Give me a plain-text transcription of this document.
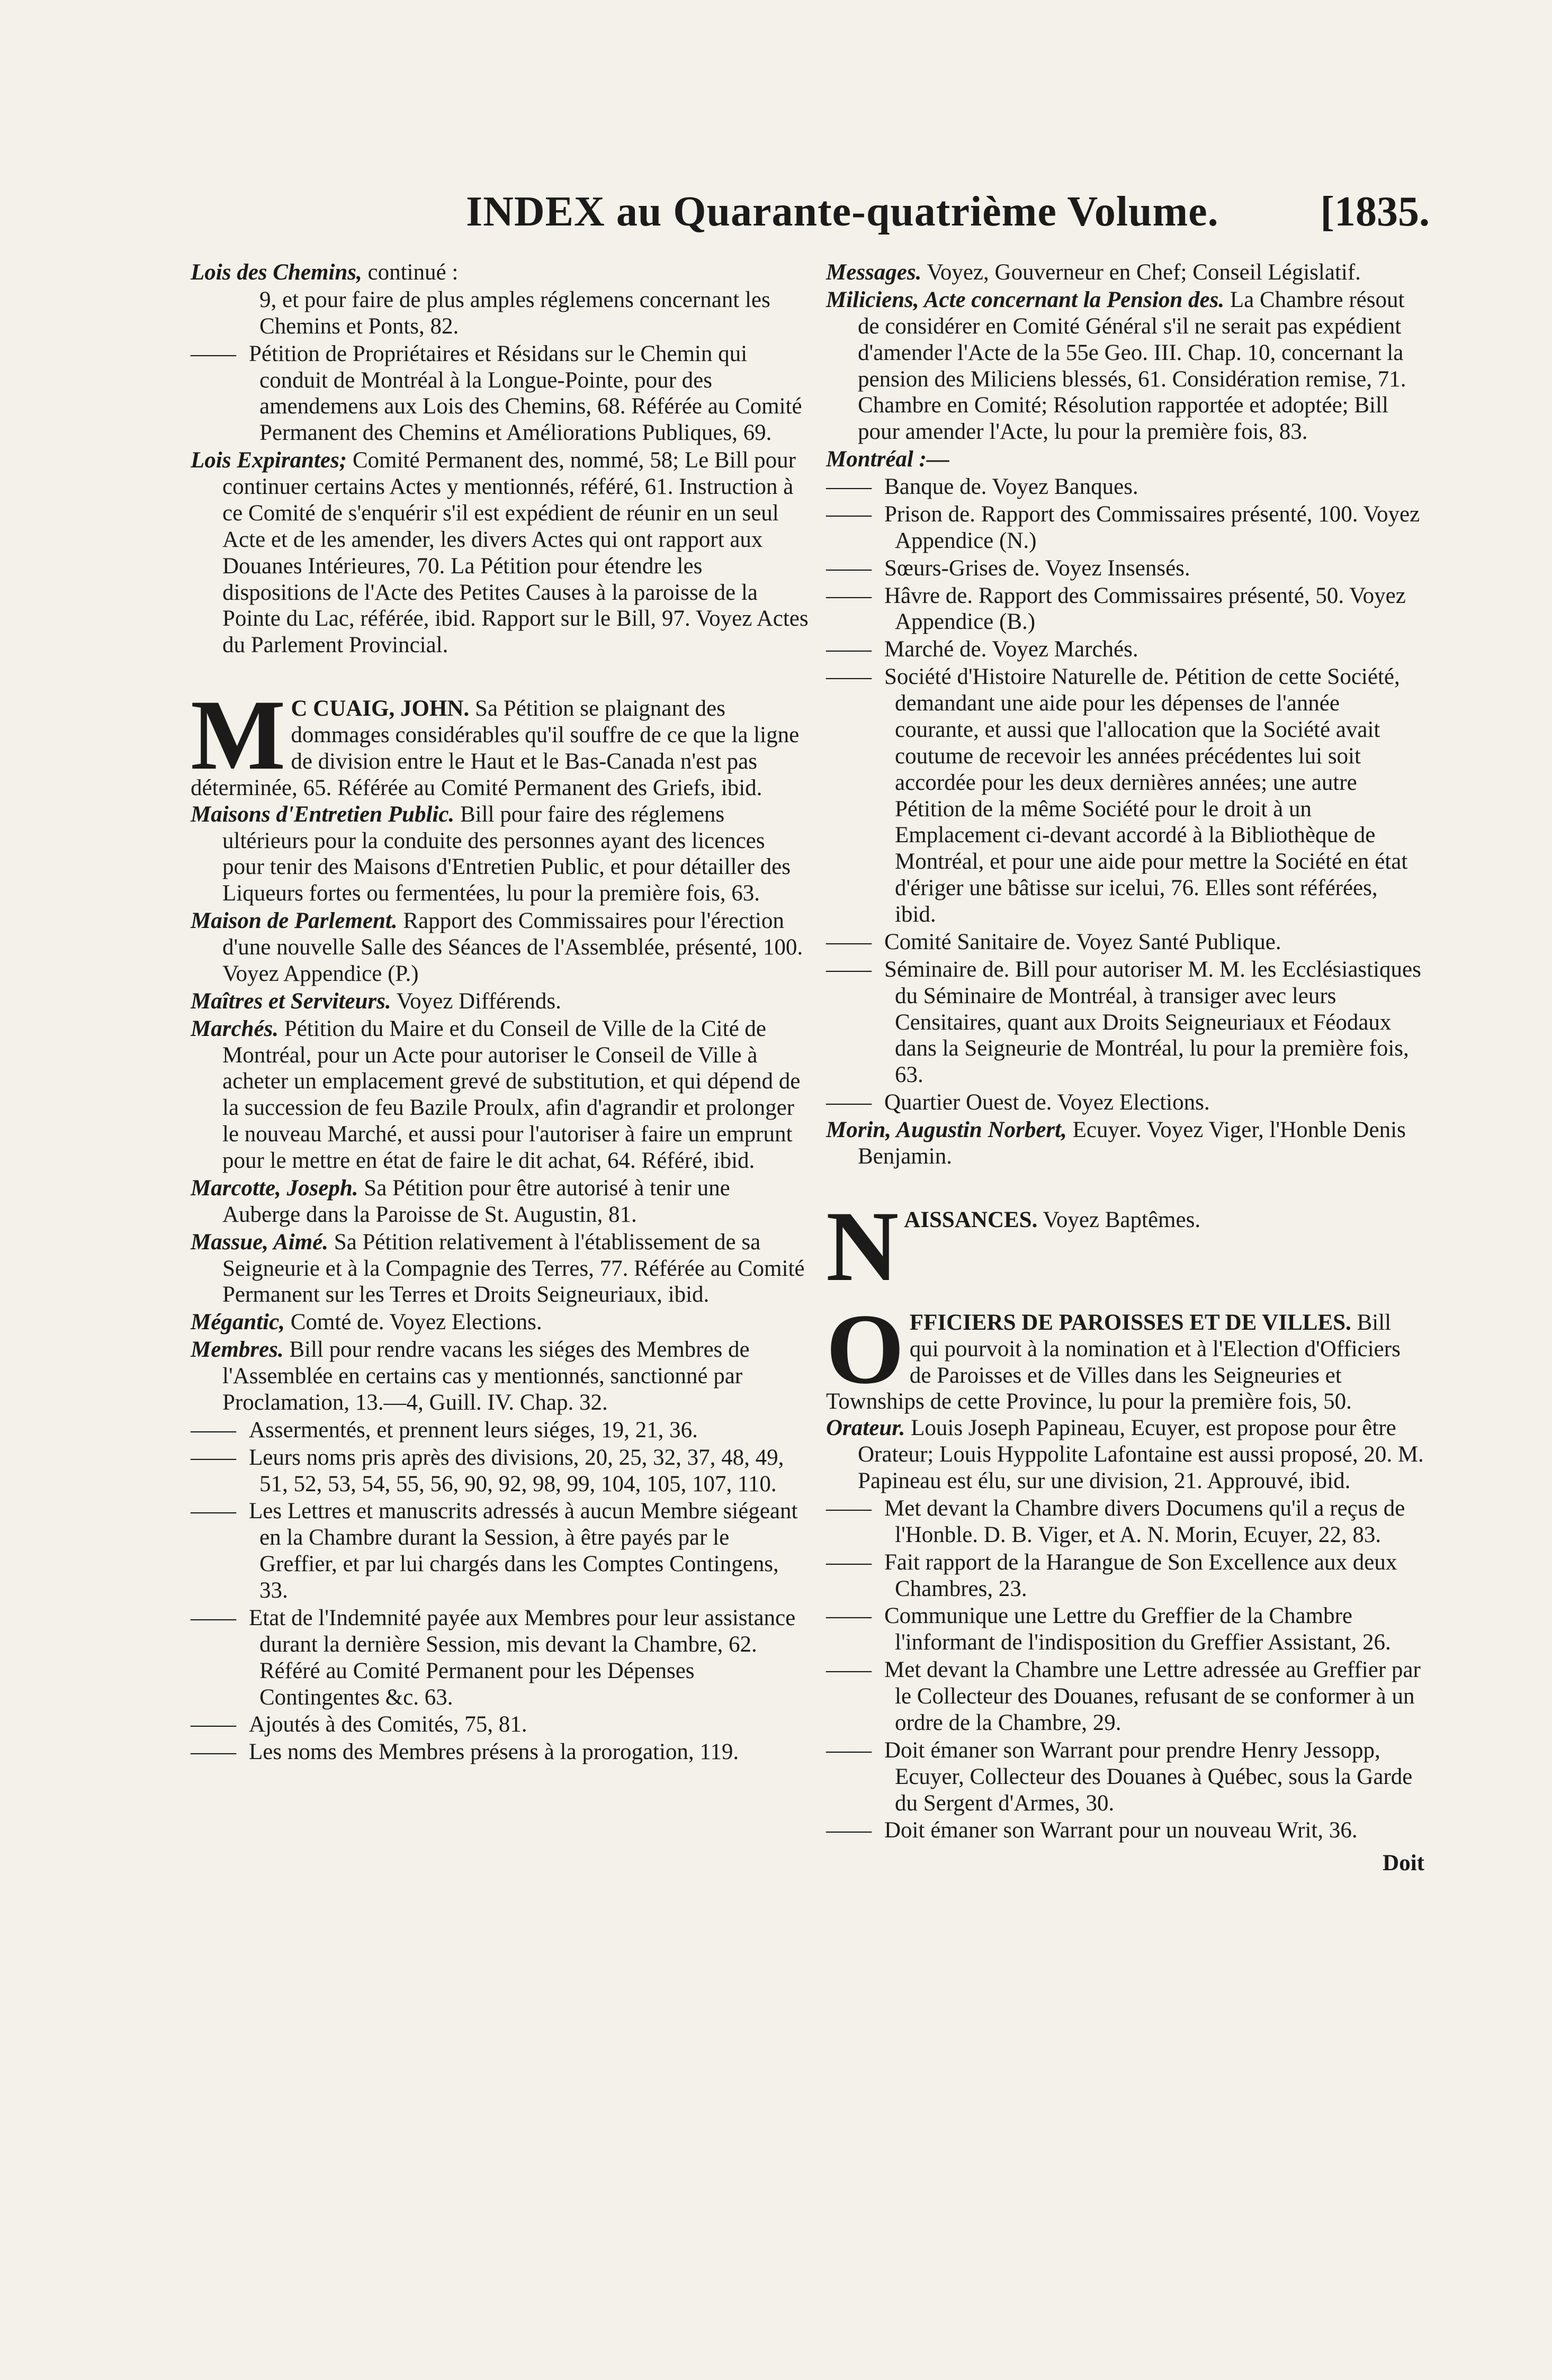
INDEX au Quarante-quatrième Volume. [1835.

Lois des Chemins, continué :

9, et pour faire de plus amples réglemens concernant les Chemins et Ponts, 82.

—— Pétition de Propriétaires et Résidans sur le Chemin qui conduit de Montréal à la Longue-Pointe, pour des amendemens aux Lois des Chemins, 68. Référée au Comité Permanent des Chemins et Améliorations Publiques, 69.

Lois Expirantes; Comité Permanent des, nommé, 58; Le Bill pour continuer certains Actes y mentionnés, référé, 61. Instruction à ce Comité de s'enquérir s'il est expédient de réunir en un seul Acte et de les amender, les divers Actes qui ont rapport aux Douanes Intérieures, 70. La Pétition pour étendre les dispositions de l'Acte des Petites Causes à la paroisse de la Pointe du Lac, référée, ibid. Rapport sur le Bill, 97. Voyez Actes du Parlement Provincial.

M C CUAIG, JOHN. Sa Pétition se plaignant des dommages considérables qu'il souffre de ce que la ligne de division entre le Haut et le Bas-Canada n'est pas déterminée, 65. Référée au Comité Permanent des Griefs, ibid.

Maisons d'Entretien Public. Bill pour faire des réglemens ultérieurs pour la conduite des personnes ayant des licences pour tenir des Maisons d'Entretien Public, et pour détailler des Liqueurs fortes ou fermentées, lu pour la première fois, 63.

Maison de Parlement. Rapport des Commissaires pour l'érection d'une nouvelle Salle des Séances de l'Assemblée, présenté, 100. Voyez Appendice (P.)

Maîtres et Serviteurs. Voyez Différends.

Marchés. Pétition du Maire et du Conseil de Ville de la Cité de Montréal, pour un Acte pour autoriser le Conseil de Ville à acheter un emplacement grevé de substitution, et qui dépend de la succession de feu Bazile Proulx, afin d'agrandir et prolonger le nouveau Marché, et aussi pour l'autoriser à faire un emprunt pour le mettre en état de faire le dit achat, 64. Référé, ibid.

Marcotte, Joseph. Sa Pétition pour être autorisé à tenir une Auberge dans la Paroisse de St. Augustin, 81.

Massue, Aimé. Sa Pétition relativement à l'établissement de sa Seigneurie et à la Compagnie des Terres, 77. Référée au Comité Permanent sur les Terres et Droits Seigneuriaux, ibid.

Mégantic, Comté de. Voyez Elections.

Membres. Bill pour rendre vacans les siéges des Membres de l'Assemblée en certains cas y mentionnés, sanctionné par Proclamation, 13.—4, Guill. IV. Chap. 32.

—— Assermentés, et prennent leurs siéges, 19, 21, 36.

—— Leurs noms pris après des divisions, 20, 25, 32, 37, 48, 49, 51, 52, 53, 54, 55, 56, 90, 92, 98, 99, 104, 105, 107, 110.

—— Les Lettres et manuscrits adressés à aucun Membre siégeant en la Chambre durant la Session, à être payés par le Greffier, et par lui chargés dans les Comptes Contingens, 33.

—— Etat de l'Indemnité payée aux Membres pour leur assistance durant la dernière Session, mis devant la Chambre, 62. Référé au Comité Permanent pour les Dépenses Contingentes &c. 63.

—— Ajoutés à des Comités, 75, 81.

—— Les noms des Membres présens à la prorogation, 119.

Messages. Voyez, Gouverneur en Chef; Conseil Législatif.

Miliciens, Acte concernant la Pension des. La Chambre résout de considérer en Comité Général s'il ne serait pas expédient d'amender l'Acte de la 55e Geo. III. Chap. 10, concernant la pension des Miliciens blessés, 61. Considération remise, 71. Chambre en Comité; Résolution rapportée et adoptée; Bill pour amender l'Acte, lu pour la première fois, 83.

Montréal :—

—— Banque de. Voyez Banques.

—— Prison de. Rapport des Commissaires présenté, 100. Voyez Appendice (N.)

—— Sœurs-Grises de. Voyez Insensés.

—— Hâvre de. Rapport des Commissaires présenté, 50. Voyez Appendice (B.)

—— Marché de. Voyez Marchés.

—— Société d'Histoire Naturelle de. Pétition de cette Société, demandant une aide pour les dépenses de l'année courante, et aussi que l'allocation que la Société avait coutume de recevoir les années précédentes lui soit accordée pour les deux dernières années; une autre Pétition de la même Société pour le droit à un Emplacement ci-devant accordé à la Bibliothèque de Montréal, et pour une aide pour mettre la Société en état d'ériger une bâtisse sur icelui, 76. Elles sont référées, ibid.

—— Comité Sanitaire de. Voyez Santé Publique.

—— Séminaire de. Bill pour autoriser M. M. les Ecclésiastiques du Séminaire de Montréal, à transiger avec leurs Censitaires, quant aux Droits Seigneuriaux et Féodaux dans la Seigneurie de Montréal, lu pour la première fois, 63.

—— Quartier Ouest de. Voyez Elections.

Morin, Augustin Norbert, Ecuyer. Voyez Viger, l'Honble Denis Benjamin.

NAISSANCES. Voyez Baptêmes.

OFFICIERS DE PAROISSES ET DE VILLES. Bill qui pourvoit à la nomination et à l'Election d'Officiers de Paroisses et de Villes dans les Seigneuries et Townships de cette Province, lu pour la première fois, 50.

Orateur. Louis Joseph Papineau, Ecuyer, est propose pour être Orateur; Louis Hyppolite Lafontaine est aussi proposé, 20. M. Papineau est élu, sur une division, 21. Approuvé, ibid.

—— Met devant la Chambre divers Documens qu'il a reçus de l'Honble. D. B. Viger, et A. N. Morin, Ecuyer, 22, 83.

—— Fait rapport de la Harangue de Son Excellence aux deux Chambres, 23.

—— Communique une Lettre du Greffier de la Chambre l'informant de l'indisposition du Greffier Assistant, 26.

—— Met devant la Chambre une Lettre adressée au Greffier par le Collecteur des Douanes, refusant de se conformer à un ordre de la Chambre, 29.

—— Doit émaner son Warrant pour prendre Henry Jessopp, Ecuyer, Collecteur des Douanes à Québec, sous la Garde du Sergent d'Armes, 30.

—— Doit émaner son Warrant pour un nouveau Writ, 36.

Doit
